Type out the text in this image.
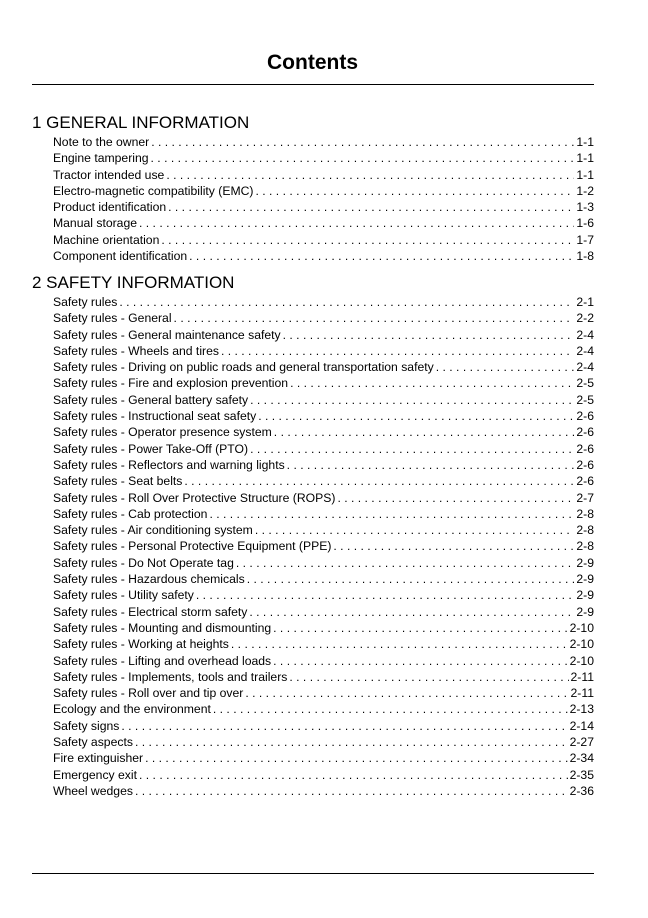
Contents
1 GENERAL INFORMATION
Note to the owner . . .	1-1
Engine tampering . . .	1-1
Tractor intended use . . .	1-1
Electro-magnetic compatibility (EMC) . . .	1-2
Product identification . . .	1-3
Manual storage . . .	1-6
Machine orientation . . .	1-7
Component identification . . .	1-8
2 SAFETY INFORMATION
Safety rules . . .	2-1
Safety rules - General . . .	2-2
Safety rules - General maintenance safety . . .	2-4
Safety rules - Wheels and tires . . .	2-4
Safety rules - Driving on public roads and general transportation safety . . .	2-4
Safety rules - Fire and explosion prevention . . .	2-5
Safety rules - General battery safety . . .	2-5
Safety rules - Instructional seat safety . . .	2-6
Safety rules - Operator presence system . . .	2-6
Safety rules - Power Take-Off (PTO) . . .	2-6
Safety rules - Reflectors and warning lights . . .	2-6
Safety rules - Seat belts . . .	2-6
Safety rules - Roll Over Protective Structure (ROPS) . . .	2-7
Safety rules - Cab protection . . .	2-8
Safety rules - Air conditioning system . . .	2-8
Safety rules - Personal Protective Equipment (PPE) . . .	2-8
Safety rules - Do Not Operate tag . . .	2-9
Safety rules - Hazardous chemicals . . .	2-9
Safety rules - Utility safety . . .	2-9
Safety rules - Electrical storm safety . . .	2-9
Safety rules - Mounting and dismounting . . .	2-10
Safety rules - Working at heights . . .	2-10
Safety rules - Lifting and overhead loads . . .	2-10
Safety rules - Implements, tools and trailers . . .	2-11
Safety rules - Roll over and tip over . . .	2-11
Ecology and the environment . . .	2-13
Safety signs . . .	2-14
Safety aspects . . .	2-27
Fire extinguisher . . .	2-34
Emergency exit . . .	2-35
Wheel wedges . . .	2-36
